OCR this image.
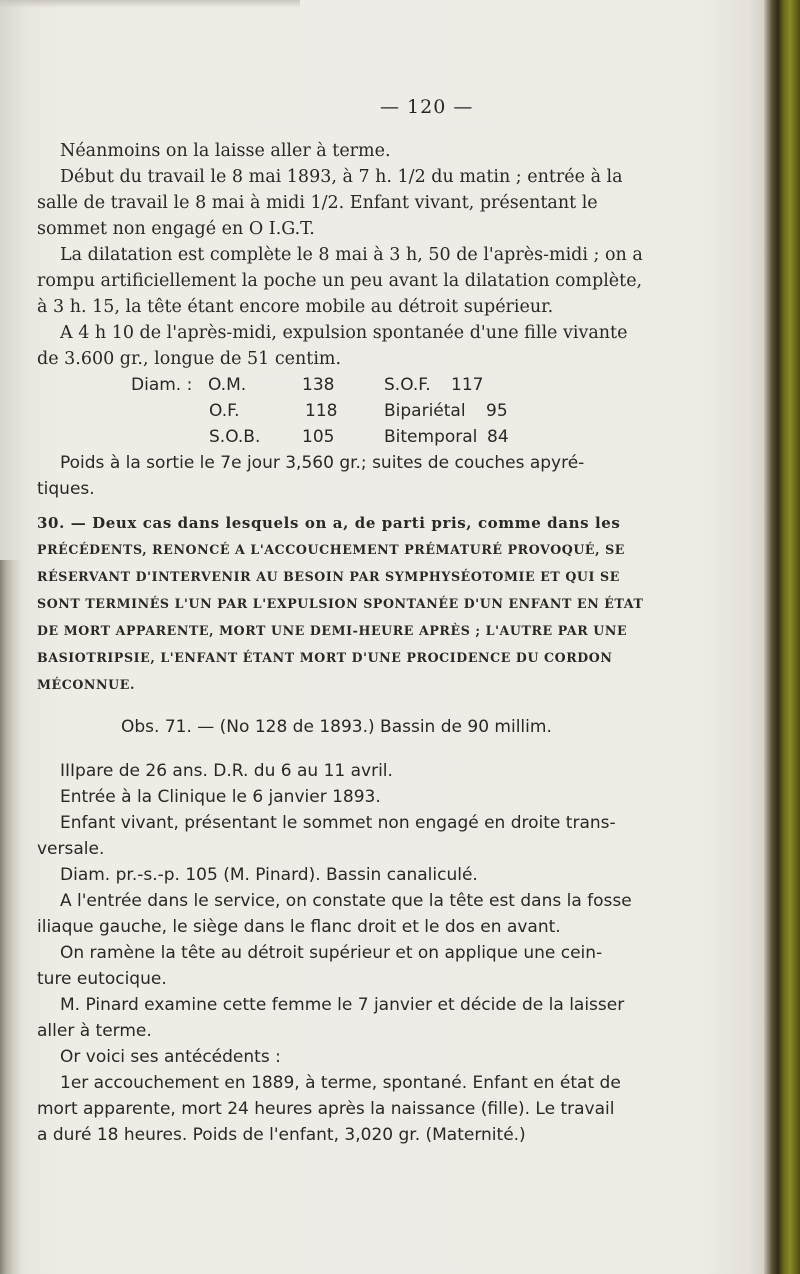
— 120 —
Néanmoins on la laisse aller à terme.
Début du travail le 8 mai 1893, à 7 h. 1/2 du matin ; entrée à la
salle de travail le 8 mai à midi 1/2. Enfant vivant, présentant le
sommet non engagé en O I.G.T.
La dilatation est complète le 8 mai à 3 h, 50 de l'après-midi ; on a
rompu artificiellement la poche un peu avant la dilatation complète,
à 3 h. 15, la tête étant encore mobile au détroit supérieur.
A 4 h 10 de l'après-midi, expulsion spontanée d'une fille vivante
de 3.600 gr., longue de 51 centim.
Diam. : O.M.	138	S.O.F. 117
O.F.	118	Bipariétal 95
S.O.B. 105	Bitemporal 84
Poids à la sortie le 7e jour 3,560 gr.; suites de couches apyré-
tiques.
30. — Deux cas dans lesquels on a, de parti pris, comme dans les
PRÉCÉDENTS, RENONCÉ A L'ACCOUCHEMENT PRÉMATURÉ PROVOQUÉ, SE
RÉSERVANT D'INTERVENIR AU BESOIN PAR SYMPHYSÉOTOMIE ET QUI SE
SONT TERMINÉS L'UN PAR L'EXPULSION SPONTANÉE D'UN ENFANT EN ÉTAT
DE MORT APPARENTE, MORT UNE DEMI-HEURE APRÈS ; L'AUTRE PAR UNE
BASIOTRIPSIE, L'ENFANT ÉTANT MORT D'UNE PROCIDENCE DU CORDON
MÉCONNUE.
Obs. 71. — (No 128 de 1893.) Bassin de 90 millim.
IIIpare de 26 ans. D.R. du 6 au 11 avril.
Entrée à la Clinique le 6 janvier 1893.
Enfant vivant, présentant le sommet non engagé en droite trans-
versale.
Diam. pr.-s.-p. 105 (M. Pinard). Bassin canaliculé.
A l'entrée dans le service, on constate que la tête est dans la fosse
iliaque gauche, le siège dans le flanc droit et le dos en avant.
On ramène la tête au détroit supérieur et on applique une cein-
ture eutocique.
M. Pinard examine cette femme le 7 janvier et décide de la laisser
aller à terme.
Or voici ses antécédents :
1er accouchement en 1889, à terme, spontané. Enfant en état de
mort apparente, mort 24 heures après la naissance (fille). Le travail
a duré 18 heures. Poids de l'enfant, 3,020 gr. (Maternité.)
